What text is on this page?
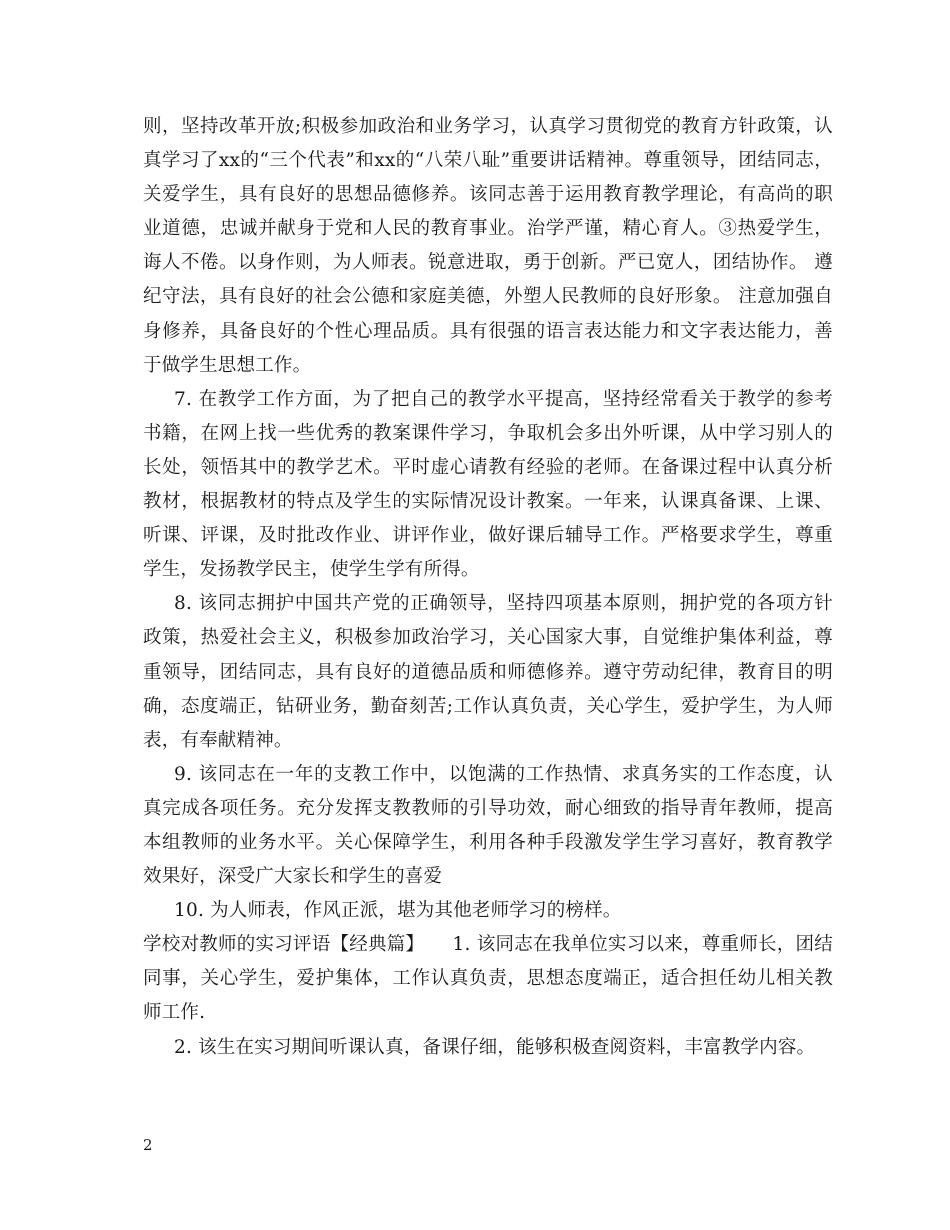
则，坚持改革开放;积极参加政治和业务学习，认真学习贯彻党的教育方针政策，认真学习了xx的“三个代表”和xx的“八荣八耻”重要讲话精神。尊重领导，团结同志，关爱学生，具有良好的思想品德修养。该同志善于运用教育教学理论，有高尚的职业道德，忠诚并献身于党和人民的教育事业。治学严谨，精心育人。③热爱学生，诲人不倦。以身作则，为人师表。锐意进取，勇于创新。严已宽人，团结协作。 遵纪守法，具有良好的社会公德和家庭美德，外塑人民教师的良好形象。 注意加强自身修养，具备良好的个性心理品质。具有很强的语言表达能力和文字表达能力，善于做学生思想工作。

7. 在教学工作方面，为了把自己的教学水平提高，坚持经常看关于教学的参考书籍，在网上找一些优秀的教案课件学习，争取机会多出外听课，从中学习别人的长处，领悟其中的教学艺术。平时虚心请教有经验的老师。在备课过程中认真分析教材，根据教材的特点及学生的实际情况设计教案。一年来，认课真备课、上课、听课、评课，及时批改作业、讲评作业，做好课后辅导工作。严格要求学生，尊重学生，发扬教学民主，使学生学有所得。

8. 该同志拥护中国共产党的正确领导，坚持四项基本原则，拥护党的各项方针政策，热爱社会主义，积极参加政治学习，关心国家大事，自觉维护集体利益，尊重领导，团结同志，具有良好的道德品质和师德修养。遵守劳动纪律，教育目的明确，态度端正，钻研业务，勤奋刻苦;工作认真负责，关心学生，爱护学生，为人师表，有奉献精神。

9. 该同志在一年的支教工作中，以饱满的工作热情、求真务实的工作态度，认真完成各项任务。充分发挥支教教师的引导功效，耐心细致的指导青年教师，提高本组教师的业务水平。关心保障学生，利用各种手段激发学生学习喜好，教育教学效果好，深受广大家长和学生的喜爱

10. 为人师表，作风正派，堪为其他老师学习的榜样。

学校对教师的实习评语【经典篇】　　1. 该同志在我单位实习以来，尊重师长，团结同事，关心学生，爱护集体，工作认真负责，思想态度端正，适合担任幼儿相关教师工作.

2. 该生在实习期间听课认真，备课仔细，能够积极查阅资料，丰富教学内容。

2
